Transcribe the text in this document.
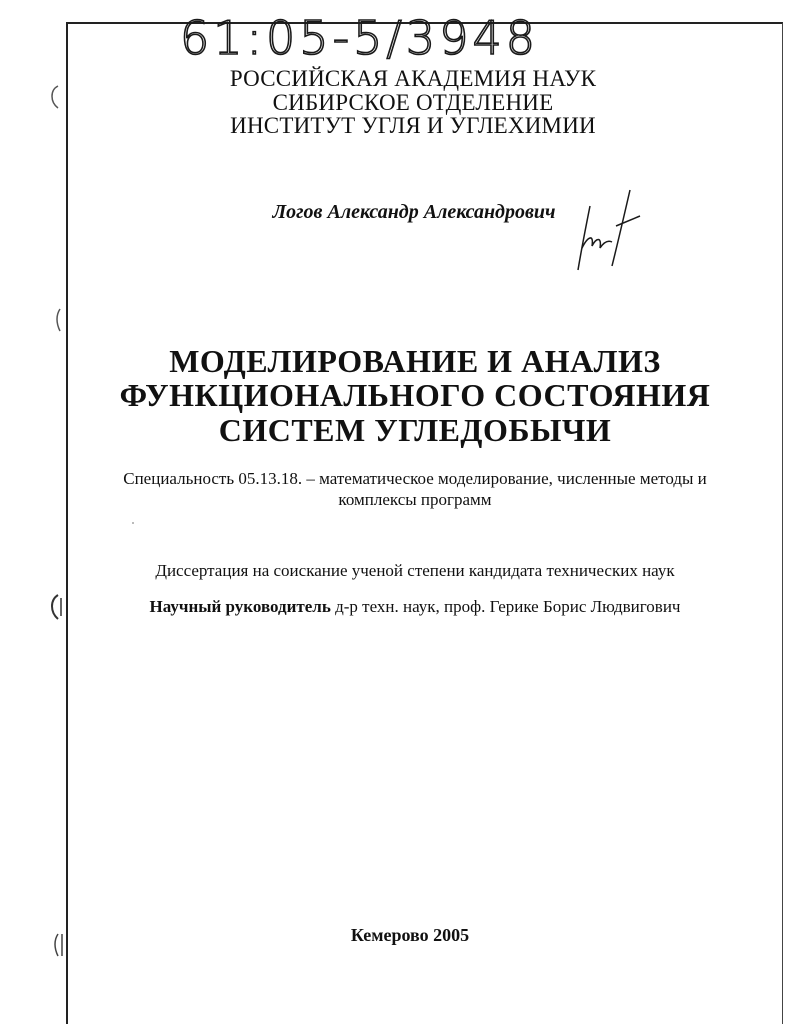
61:05-5/3948
РОССИЙСКАЯ АКАДЕМИЯ НАУК
СИБИРСКОЕ ОТДЕЛЕНИЕ
ИНСТИТУТ УГЛЯ И УГЛЕХИМИИ
Логов Александр Александрович
МОДЕЛИРОВАНИЕ И АНАЛИЗ
ФУНКЦИОНАЛЬНОГО СОСТОЯНИЯ
СИСТЕМ УГЛЕДОБЫЧИ
Специальность 05.13.18. – математическое моделирование, численные методы и
комплексы программ
Диссертация на соискание ученой степени кандидата технических наук
Научный руководитель д-р техн. наук, проф. Герике Борис Людвигович
Кемерово 2005
